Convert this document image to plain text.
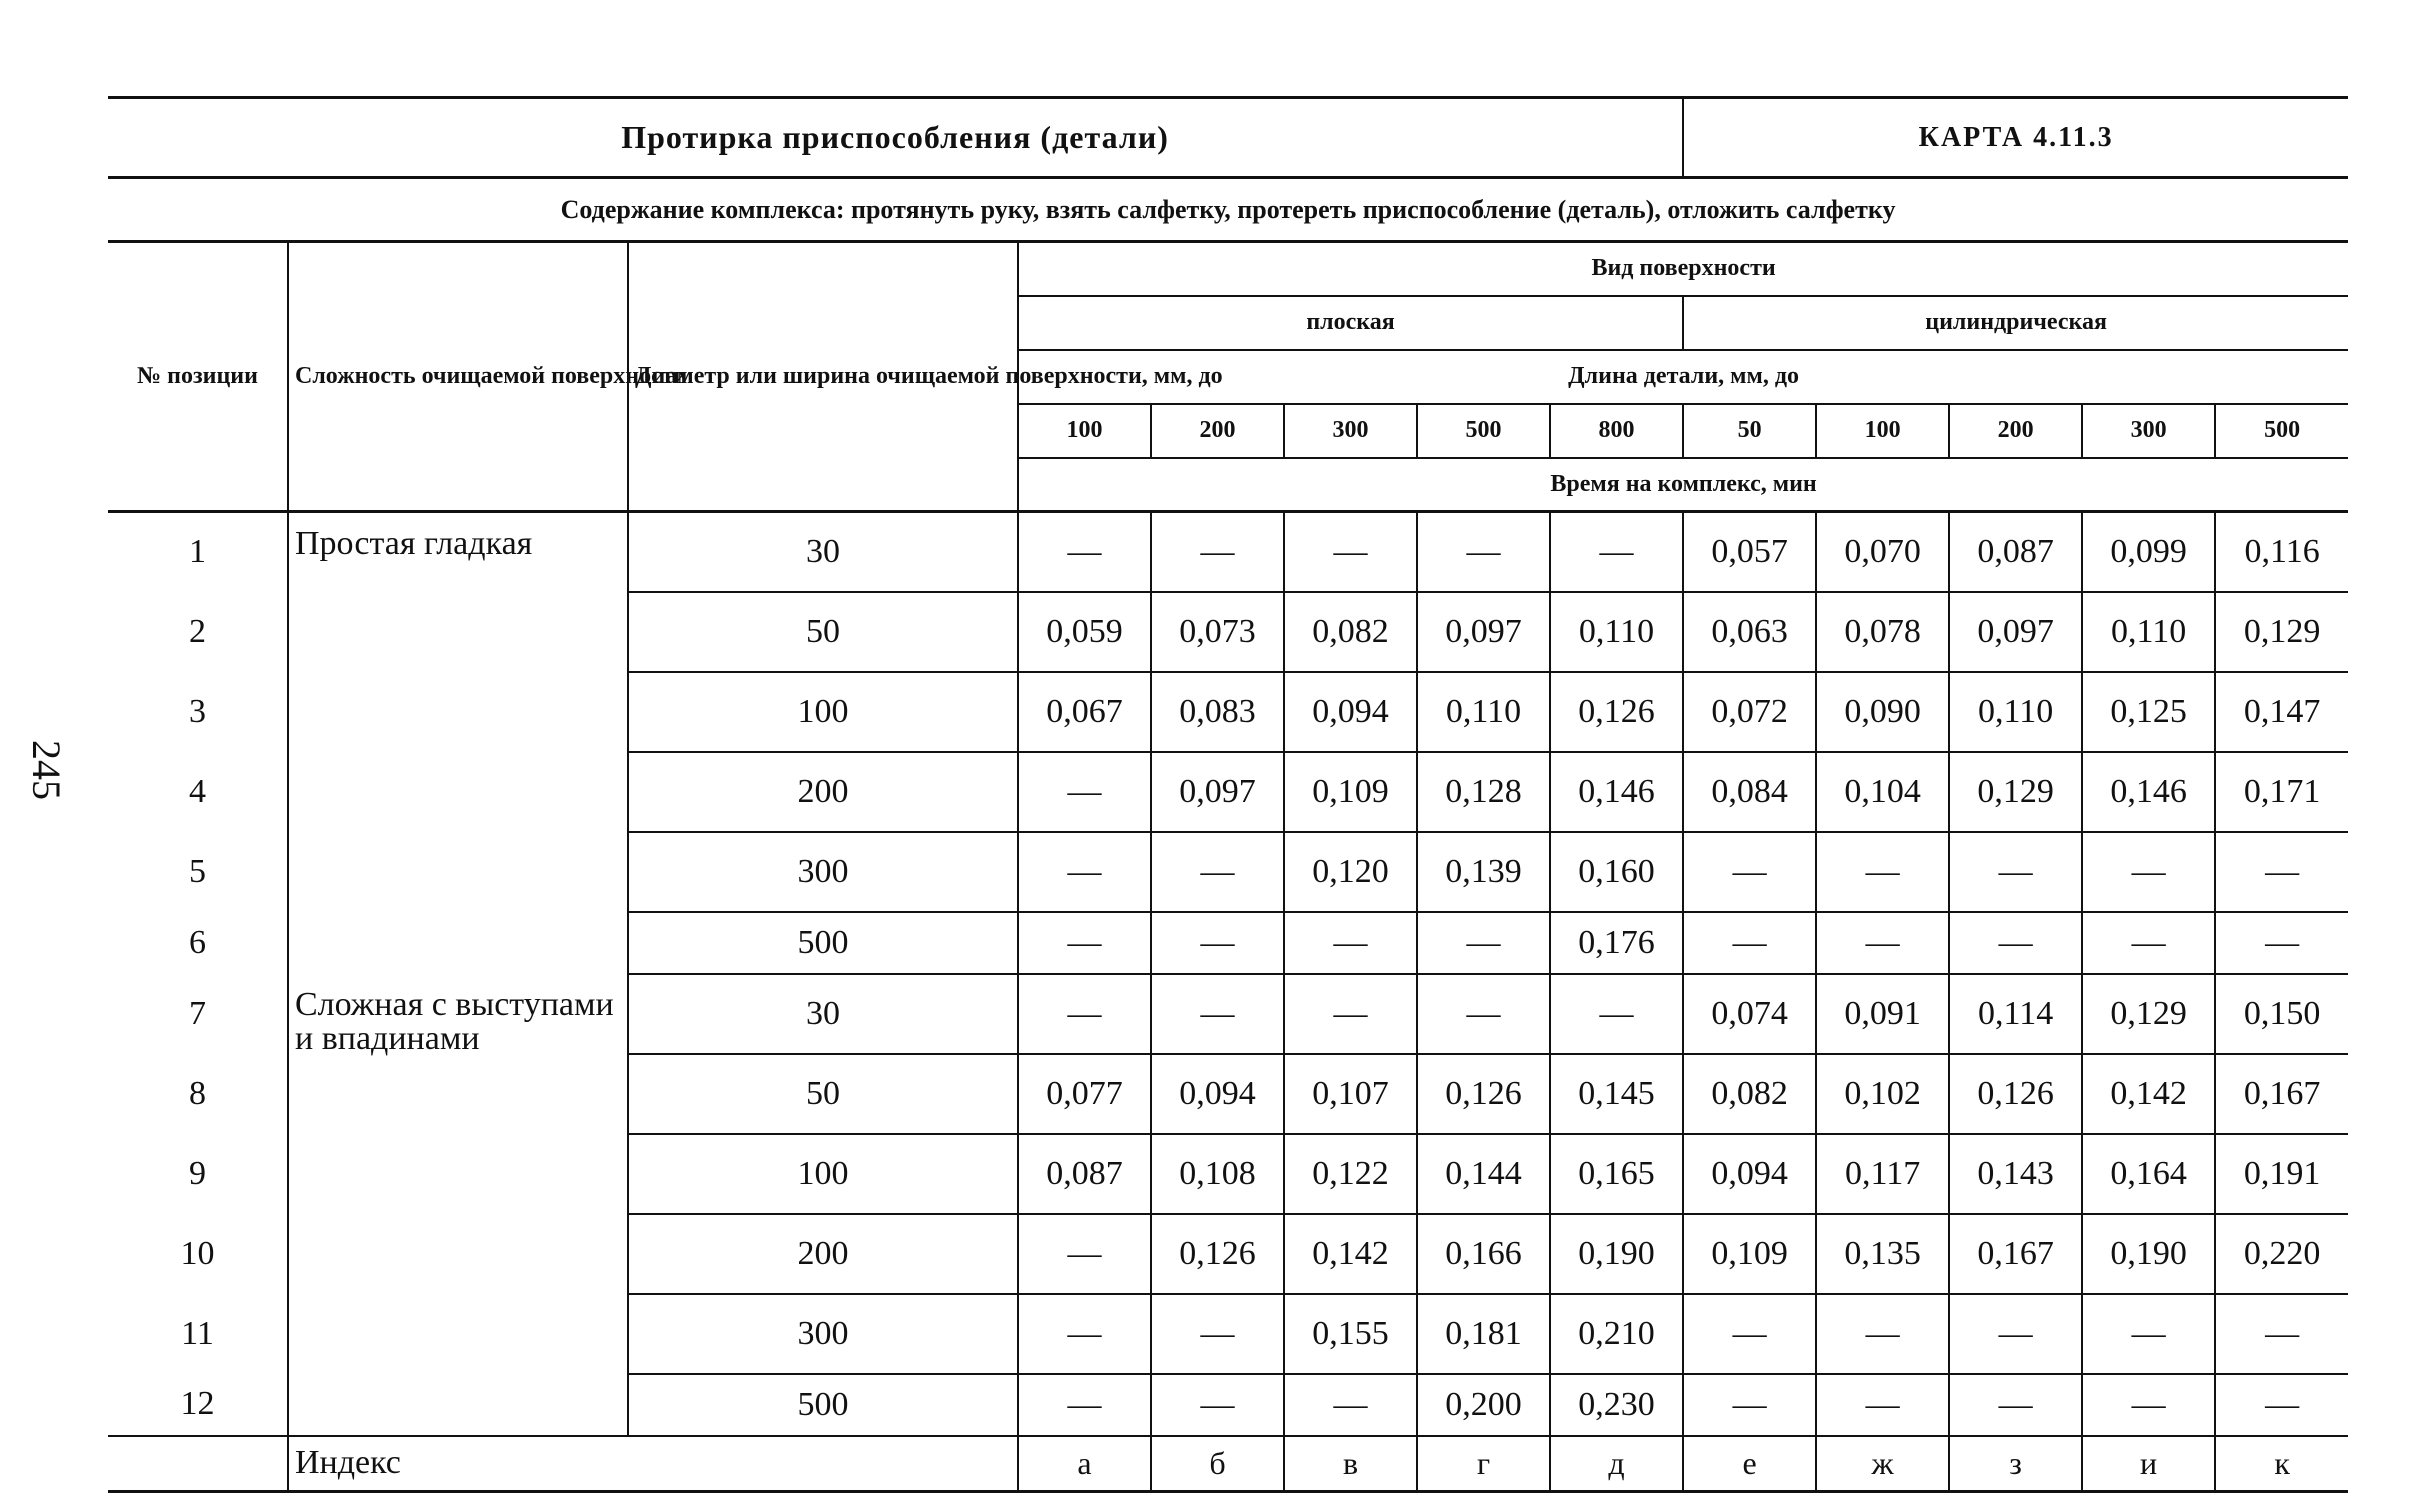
245
Протирка приспособления (детали)								КАРТА 4.11.3				
Содержание комплекса: протянуть руку, взять салфетку, протереть приспособление (деталь), отложить салфетку												
№ позиции	Сложность очищаемой поверхности	Диаметр или ширина очищаемой поверхности, мм, до	Вид поверхности									
			плоская					цилиндрическая				
			Длина детали, мм, до									
			100	200	300	500	800	50	100	200	300	500
			Время на комплекс, мин									
1	Простая гладкая	30	—	—	—	—	—	0,057	0,070	0,087	0,099	0,116
2		50	0,059	0,073	0,082	0,097	0,110	0,063	0,078	0,097	0,110	0,129
3		100	0,067	0,083	0,094	0,110	0,126	0,072	0,090	0,110	0,125	0,147
4		200	—	0,097	0,109	0,128	0,146	0,084	0,104	0,129	0,146	0,171
5		300	—	—	0,120	0,139	0,160	—	—	—	—	—
6		500	—	—	—	—	0,176	—	—	—	—	—
7	Сложная с выступами и впадинами	30	—	—	—	—	—	0,074	0,091	0,114	0,129	0,150
8		50	0,077	0,094	0,107	0,126	0,145	0,082	0,102	0,126	0,142	0,167
9		100	0,087	0,108	0,122	0,144	0,165	0,094	0,117	0,143	0,164	0,191
10		200	—	0,126	0,142	0,166	0,190	0,109	0,135	0,167	0,190	0,220
11		300	—	—	0,155	0,181	0,210	—	—	—	—	—
12		500	—	—	—	0,200	0,230	—	—	—	—	—
	Индекс		а	б	в	г	д	е	ж	з	и	к
